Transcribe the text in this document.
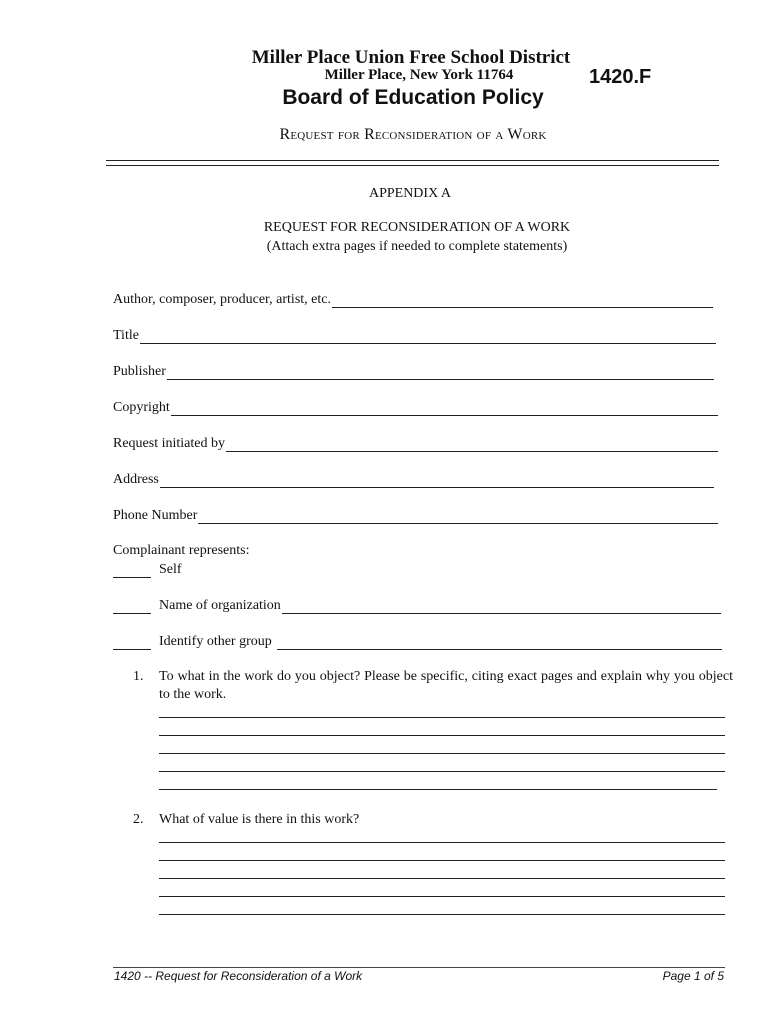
Miller Place Union Free School District
Miller Place, New York 11764	1420.F
Board of Education Policy
Request for Reconsideration of a Work
APPENDIX A
REQUEST FOR RECONSIDERATION OF A WORK
(Attach extra pages if needed to complete statements)
Author, composer, producer, artist, etc.
Title
Publisher
Copyright
Request initiated by
Address
Phone Number
Complainant represents:
Self
Name of organization
Identify other group
1. To what in the work do you object? Please be specific, citing exact pages and explain why you object to the work.
2. What of value is there in this work?
1420 -- Request for Reconsideration of a Work	Page 1 of 5
